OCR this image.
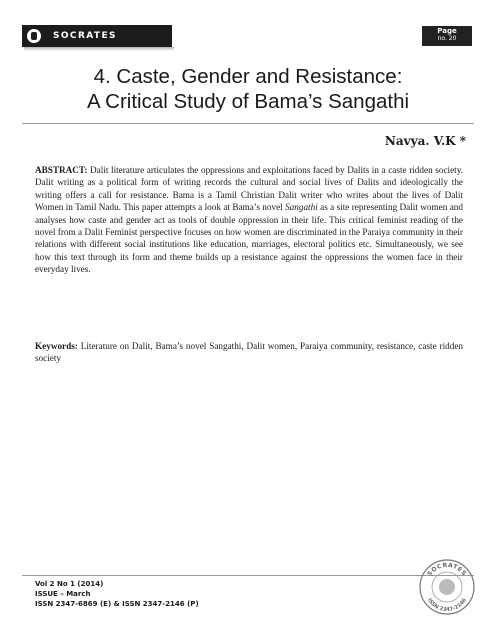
SOCRATES	Page
no. 20
4. Caste, Gender and Resistance:
A Critical Study of Bama’s Sangathi
Navya. V.K *

ABSTRACT: Dalit literature articulates the oppressions and exploitations faced by Dalits in a caste ridden society. Dalit writing as a political form of writing records the cultural and social lives of Dalits and ideologically the writing offers a call for resistance. Bama is a Tamil Christian Dalit writer who writes about the lives of Dalit Women in Tamil Nadu. This paper attempts a look at Bama’s novel Sangathi as a site representing Dalit women and analyses how caste and gender act as tools of double oppression in their life. This critical feminist reading of the novel from a Dalit Feminist perspective focuses on how women are discriminated in the Paraiya community in their relations with different social institutions like education, marriages, electoral politics etc. Simultaneously, we see how this text through its form and theme builds up a resistance against the oppressions the women face in their everyday lives.

Keywords: Literature on Dalit, Bama’s novel Sangathi, Dalit women, Paraiya community, resistance, caste ridden society

Vol 2 No 1 (2014)
ISSUE – March
ISSN 2347-6869 (E) & ISSN 2347-2146 (P)
SOCRATES
ISSN 2347-2146
